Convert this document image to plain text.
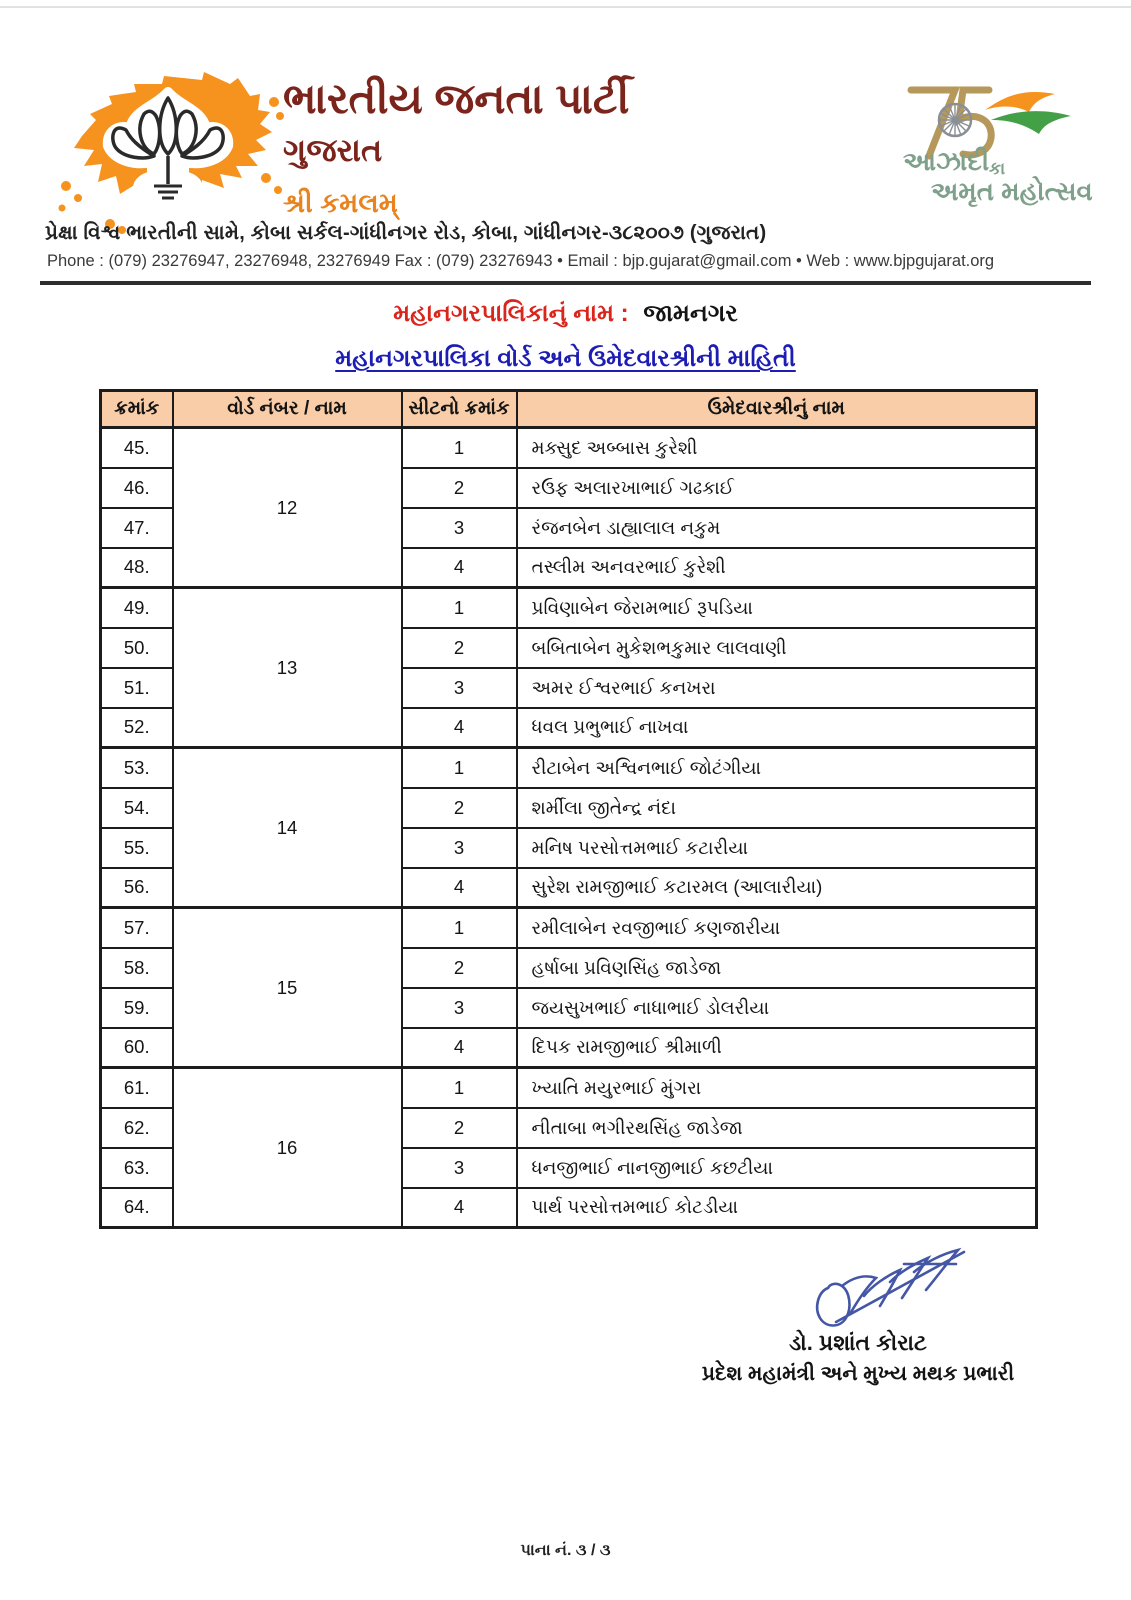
ભારતીય જનતા પાર્ટી
ગુજરાત
શ્રી કમલમ્
આઝાદી કા
અમૃત મહોત્સવ
પ્રેક્ષા વિશ્વ ભારતીની સામે, કોબા સર્કલ-ગાંધીનગર રોડ, કોબા, ગાંધીનગર-૩૮૨૦૦૭ (ગુજરાત)
Phone : (079) 23276947, 23276948, 23276949 Fax : (079) 23276943 • Email : bjp.gujarat@gmail.com • Web : www.bjpgujarat.org
મહાનગરપાલિકાનું નામ : જામનગર
મહાનગરપાલિકા વોર્ડ અને ઉમેદવારશ્રીની માહિતી
ક્રમાંક	વોર્ડ નંબર / નામ	સીટનો ક્રમાંક	ઉમેદવારશ્રીનું નામ
45.	12	1	મક્સુદ અબ્બાસ કુરેશી
46.		2	રઉફ અલારખાભાઈ ગઢકાઈ
47.		3	રંજનબેન ડાહ્યાલાલ નકુમ
48.		4	તસ્લીમ અનવરભાઈ કુરેશી
49.	13	1	પ્રવિણાબેન જેરામભાઈ રૂપડિયા
50.		2	બબિતાબેન મુકેશભકુમાર લાલવાણી
51.		3	અમર ઈશ્વરભાઈ કનખરા
52.		4	ધવલ પ્રભુભાઈ નાખવા
53.	14	1	રીટાબેન અશ્વિનભાઈ જોટંગીયા
54.		2	શર્મીલા જીતેન્દ્ર નંદા
55.		3	મનિષ પરસોત્તમભાઈ કટારીયા
56.		4	સુરેશ રામજીભાઈ કટારમલ (આલારીયા)
57.	15	1	રમીલાબેન રવજીભાઈ કણજારીયા
58.		2	હર્ષાબા પ્રવિણસિંહ જાડેજા
59.		3	જયસુખભાઈ નાધાભાઈ ડોલરીયા
60.		4	દિપક રામજીભાઈ શ્રીમાળી
61.	16	1	ખ્યાતિ મયુરભાઈ મુંગરા
62.		2	નીતાબા ભગીરથસિંહ જાડેજા
63.		3	ધનજીભાઈ નાનજીભાઈ કછટીયા
64.		4	પાર્થ પરસોત્તમભાઈ કોટડીયા
ડો. પ્રશાંત કોરાટ
પ્રદેશ મહામંત્રી અને મુખ્ય મથક પ્રભારી
પાના નં. ૩ / ૩
